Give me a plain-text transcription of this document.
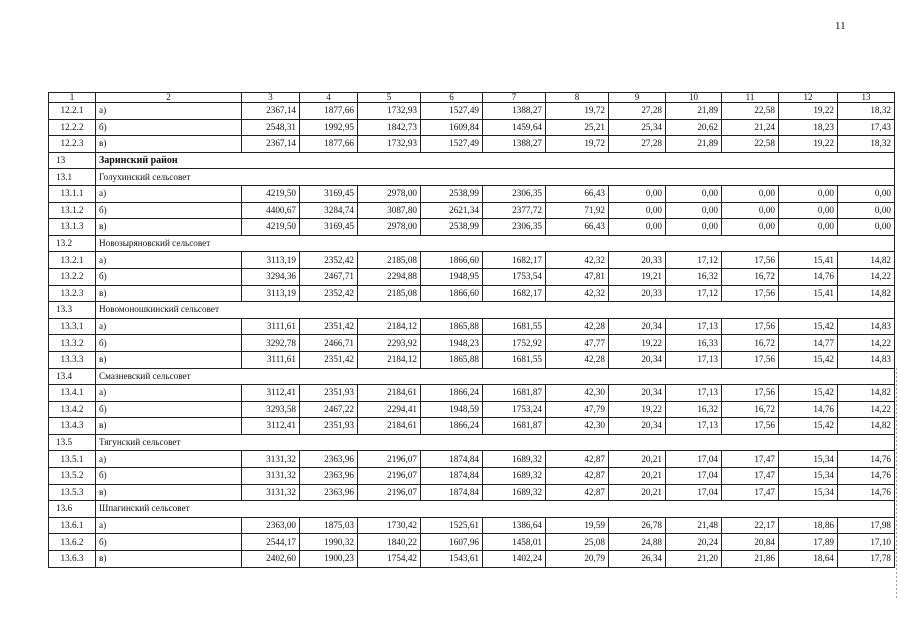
11
1	2	3	4	5	6	7	8	9	10	11	12	13
12.2.1	а)	2367,14	1877,66	1732,93	1527,49	1388,27	19,72	27,28	21,89	22,58	19,22	18,32
12.2.2	б)	2548,31	1992,95	1842,73	1609,84	1459,64	25,21	25,34	20,62	21,24	18,23	17,43
12.2.3	в)	2367,14	1877,66	1732,93	1527,49	1388,27	19,72	27,28	21,89	22,58	19,22	18,32
13	Заринский район											
13.1	Голухинский сельсовет											
13.1.1	а)	4219,50	3169,45	2978,00	2538,99	2306,35	66,43	0,00	0,00	0,00	0,00	0,00
13.1.2	б)	4400,67	3284,74	3087,80	2621,34	2377,72	71,92	0,00	0,00	0,00	0,00	0,00
13.1.3	в)	4219,50	3169,45	2978,00	2538,99	2306,35	66,43	0,00	0,00	0,00	0,00	0,00
13.2	Новозыряновский сельсовет											
13.2.1	а)	3113,19	2352,42	2185,08	1866,60	1682,17	42,32	20,33	17,12	17,56	15,41	14,82
13.2.2	б)	3294,36	2467,71	2294,88	1948,95	1753,54	47,81	19,21	16,32	16,72	14,76	14,22
13.2.3	в)	3113,19	2352,42	2185,08	1866,60	1682,17	42,32	20,33	17,12	17,56	15,41	14,82
13.3	Новомоношкинский сельсовет											
13.3.1	а)	3111,61	2351,42	2184,12	1865,88	1681,55	42,28	20,34	17,13	17,56	15,42	14,83
13.3.2	б)	3292,78	2466,71	2293,92	1948,23	1752,92	47,77	19,22	16,33	16,72	14,77	14,22
13.3.3	в)	3111,61	2351,42	2184,12	1865,88	1681,55	42,28	20,34	17,13	17,56	15,42	14,83
13.4	Смазневский сельсовет											
13.4.1	а)	3112,41	2351,93	2184,61	1866,24	1681,87	42,30	20,34	17,13	17,56	15,42	14,82
13.4.2	б)	3293,58	2467,22	2294,41	1948,59	1753,24	47,79	19,22	16,32	16,72	14,76	14,22
13.4.3	в)	3112,41	2351,93	2184,61	1866,24	1681,87	42,30	20,34	17,13	17,56	15,42	14,82
13.5	Тягунский сельсовет											
13.5.1	а)	3131,32	2363,96	2196,07	1874,84	1689,32	42,87	20,21	17,04	17,47	15,34	14,76
13.5.2	б)	3131,32	2363,96	2196,07	1874,84	1689,32	42,87	20,21	17,04	17,47	15,34	14,76
13.5.3	в)	3131,32	2363,96	2196,07	1874,84	1689,32	42,87	20,21	17,04	17,47	15,34	14,76
13.6	Шпагинский сельсовет											
13.6.1	а)	2363,00	1875,03	1730,42	1525,61	1386,64	19,59	26,78	21,48	22,17	18,86	17,98
13.6.2	б)	2544,17	1990,32	1840,22	1607,96	1458,01	25,08	24,88	20,24	20,84	17,89	17,10
13.6.3	в)	2402,60	1900,23	1754,42	1543,61	1402,24	20,79	26,34	21,20	21,86	18,64	17,78
